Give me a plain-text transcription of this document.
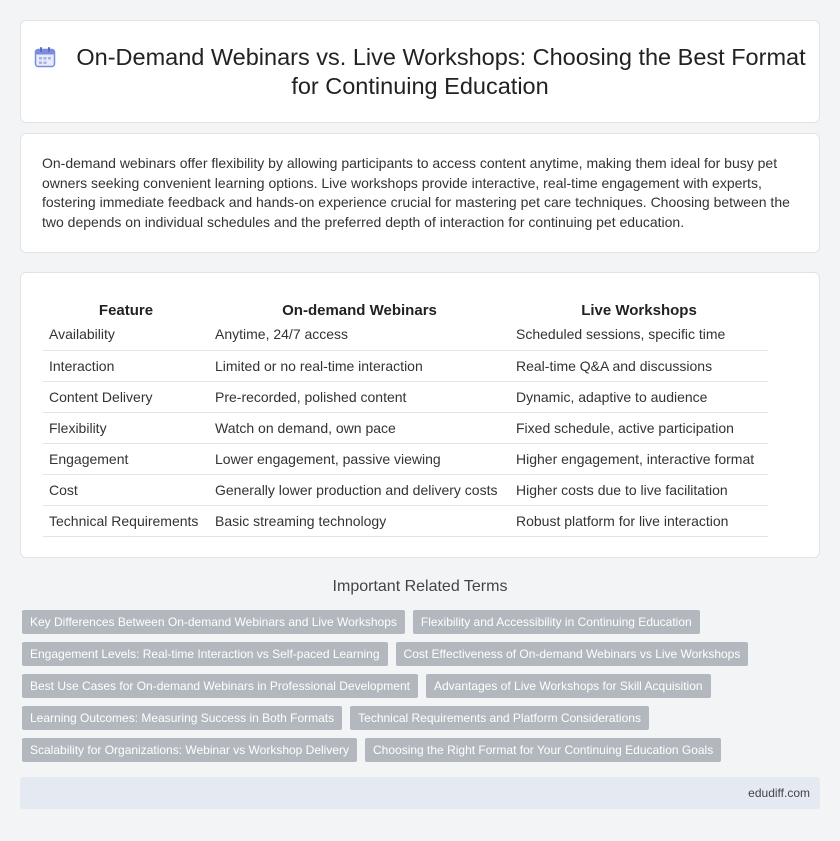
On-Demand Webinars vs. Live Workshops: Choosing the Best Format for Continuing Education

On-demand webinars offer flexibility by allowing participants to access content anytime, making them ideal for busy pet owners seeking convenient learning options. Live workshops provide interactive, real-time engagement with experts, fostering immediate feedback and hands-on experience crucial for mastering pet care techniques. Choosing between the two depends on individual schedules and the preferred depth of interaction for continuing pet education.

Feature	On-demand Webinars	Live Workshops
Availability	Anytime, 24/7 access	Scheduled sessions, specific time
Interaction	Limited or no real-time interaction	Real-time Q&A and discussions
Content Delivery	Pre-recorded, polished content	Dynamic, adaptive to audience
Flexibility	Watch on demand, own pace	Fixed schedule, active participation
Engagement	Lower engagement, passive viewing	Higher engagement, interactive format
Cost	Generally lower production and delivery costs	Higher costs due to live facilitation
Technical Requirements	Basic streaming technology	Robust platform for live interaction
Important Related Terms
Key Differences Between On-demand Webinars and Live Workshops	Flexibility and Accessibility in Continuing Education
Engagement Levels: Real-time Interaction vs Self-paced Learning	Cost Effectiveness of On-demand Webinars vs Live Workshops
Best Use Cases for On-demand Webinars in Professional Development	Advantages of Live Workshops for Skill Acquisition
Learning Outcomes: Measuring Success in Both Formats	Technical Requirements and Platform Considerations
Scalability for Organizations: Webinar vs Workshop Delivery	Choosing the Right Format for Your Continuing Education Goals
edudiff.com
